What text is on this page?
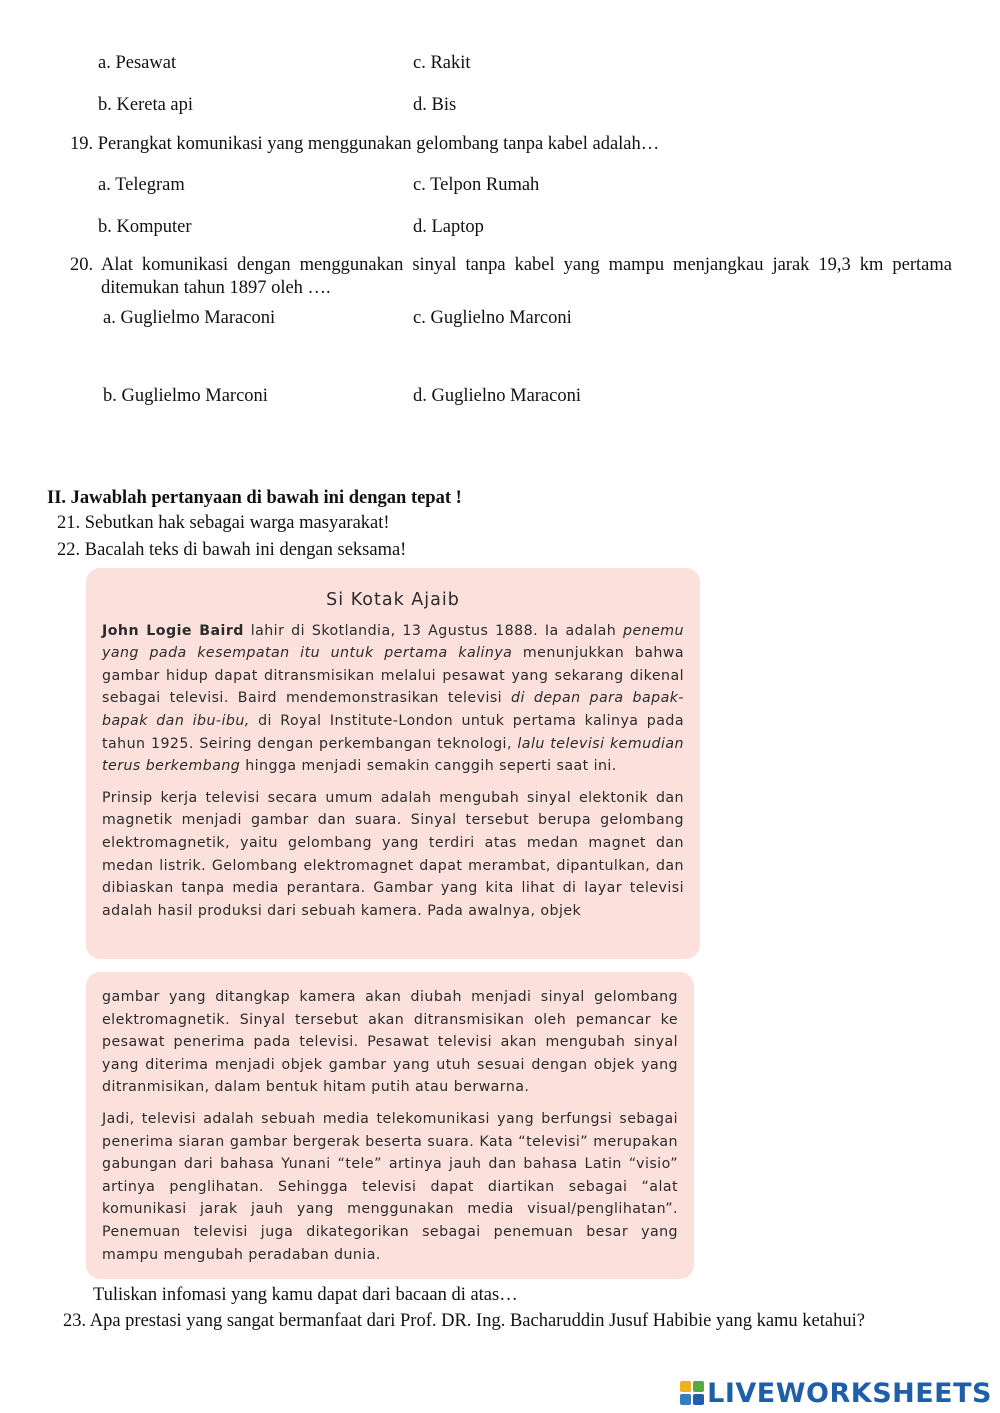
a. Pesawat	c. Rakit
b. Kereta api	d. Bis
19. Perangkat komunikasi yang menggunakan gelombang tanpa kabel adalah…
a. Telegram	c. Telpon Rumah
b. Komputer	d. Laptop
20. Alat komunikasi dengan menggunakan sinyal tanpa kabel yang mampu menjangkau jarak 19,3 km pertama ditemukan tahun 1897 oleh ….
a. Guglielmo Maraconi	c. Guglielno Marconi
b. Guglielmo Marconi	d. Guglielno Maraconi
II. Jawablah pertanyaan di bawah ini dengan tepat !
21. Sebutkan hak sebagai warga masyarakat!
22. Bacalah teks di bawah ini dengan seksama!
Si Kotak Ajaib

John Logie Baird lahir di Skotlandia, 13 Agustus 1888. Ia adalah penemu yang pada kesempatan itu untuk pertama kalinya menunjukkan bahwa gambar hidup dapat ditransmisikan melalui pesawat yang sekarang dikenal sebagai televisi. Baird mendemonstrasikan televisi di depan para bapak-bapak dan ibu-ibu, di Royal Institute-London untuk pertama kalinya pada tahun 1925. Seiring dengan perkembangan teknologi, lalu televisi kemudian terus berkembang hingga menjadi semakin canggih seperti saat ini.

Prinsip kerja televisi secara umum adalah mengubah sinyal elektonik dan magnetik menjadi gambar dan suara. Sinyal tersebut berupa gelombang elektromagnetik, yaitu gelombang yang terdiri atas medan magnet dan medan listrik. Gelombang elektromagnet dapat merambat, dipantulkan, dan dibiaskan tanpa media perantara. Gambar yang kita lihat di layar televisi adalah hasil produksi dari sebuah kamera. Pada awalnya, objek

gambar yang ditangkap kamera akan diubah menjadi sinyal gelombang elektromagnetik. Sinyal tersebut akan ditransmisikan oleh pemancar ke pesawat penerima pada televisi. Pesawat televisi akan mengubah sinyal yang diterima menjadi objek gambar yang utuh sesuai dengan objek yang ditranmisikan, dalam bentuk hitam putih atau berwarna.

Jadi, televisi adalah sebuah media telekomunikasi yang berfungsi sebagai penerima siaran gambar bergerak beserta suara. Kata “televisi” merupakan gabungan dari bahasa Yunani “tele” artinya jauh dan bahasa Latin “visio” artinya penglihatan. Sehingga televisi dapat diartikan sebagai “alat komunikasi jarak jauh yang menggunakan media visual/penglihatan”. Penemuan televisi juga dikategorikan sebagai penemuan besar yang mampu mengubah peradaban dunia.

Tuliskan infomasi yang kamu dapat dari bacaan di atas…
23. Apa prestasi yang sangat bermanfaat dari Prof. DR. Ing. Bacharuddin Jusuf Habibie yang kamu ketahui?
LIVEWORKSHEETS
